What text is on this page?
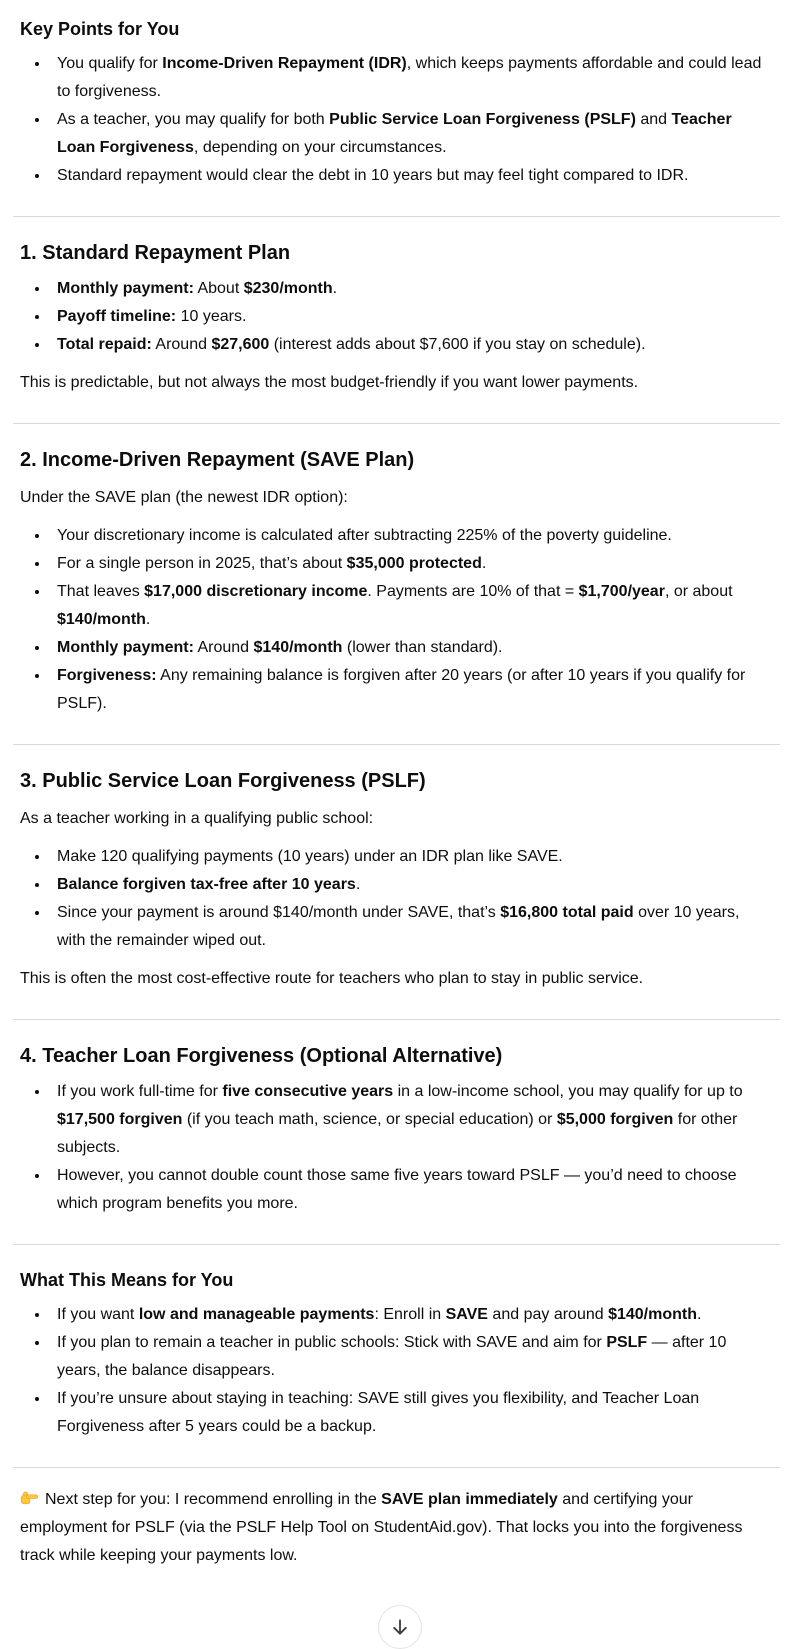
Key Points for You
• You qualify for Income-Driven Repayment (IDR), which keeps payments affordable and could lead to forgiveness.
• As a teacher, you may qualify for both Public Service Loan Forgiveness (PSLF) and Teacher Loan Forgiveness, depending on your circumstances.
• Standard repayment would clear the debt in 10 years but may feel tight compared to IDR.
1. Standard Repayment Plan
• Monthly payment: About $230/month.
• Payoff timeline: 10 years.
• Total repaid: Around $27,600 (interest adds about $7,600 if you stay on schedule).

This is predictable, but not always the most budget-friendly if you want lower payments.

2. Income-Driven Repayment (SAVE Plan)

Under the SAVE plan (the newest IDR option):

• Your discretionary income is calculated after subtracting 225% of the poverty guideline.
• For a single person in 2025, that’s about $35,000 protected.
• That leaves $17,000 discretionary income. Payments are 10% of that = $1,700/year, or about $140/month.
• Monthly payment: Around $140/month (lower than standard).
• Forgiveness: Any remaining balance is forgiven after 20 years (or after 10 years if you qualify for PSLF).
3. Public Service Loan Forgiveness (PSLF)

As a teacher working in a qualifying public school:

• Make 120 qualifying payments (10 years) under an IDR plan like SAVE.
• Balance forgiven tax-free after 10 years.
• Since your payment is around $140/month under SAVE, that’s $16,800 total paid over 10 years, with the remainder wiped out.

This is often the most cost-effective route for teachers who plan to stay in public service.

4. Teacher Loan Forgiveness (Optional Alternative)
• If you work full-time for five consecutive years in a low-income school, you may qualify for up to $17,500 forgiven (if you teach math, science, or special education) or $5,000 forgiven for other subjects.
• However, you cannot double count those same five years toward PSLF — you’d need to choose which program benefits you more.
What This Means for You
• If you want low and manageable payments: Enroll in SAVE and pay around $140/month.
• If you plan to remain a teacher in public schools: Stick with SAVE and aim for PSLF — after 10 years, the balance disappears.
• If you’re unsure about staying in teaching: SAVE still gives you flexibility, and Teacher Loan Forgiveness after 5 years could be a backup.

Next step for you: I recommend enrolling in the SAVE plan immediately and certifying your employment for PSLF (via the PSLF Help Tool on StudentAid.gov). That locks you into the forgiveness track while keeping your payments low.
